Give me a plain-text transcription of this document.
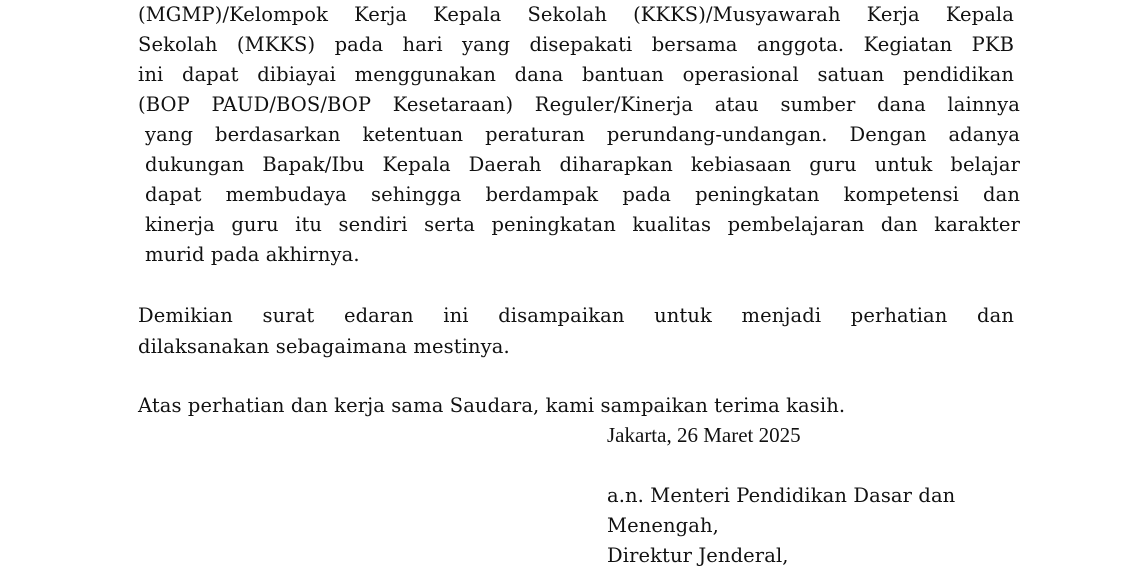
(MGMP)/Kelompok Kerja Kepala Sekolah (KKKS)/Musyawarah Kerja Kepala
Sekolah (MKKS) pada hari yang disepakati bersama anggota. Kegiatan PKB
ini dapat dibiayai menggunakan dana bantuan operasional satuan pendidikan
(BOP PAUD/BOS/BOP Kesetaraan) Reguler/Kinerja atau sumber dana lainnya
yang berdasarkan ketentuan peraturan perundang-undangan. Dengan adanya
dukungan Bapak/Ibu Kepala Daerah diharapkan kebiasaan guru untuk belajar
dapat membudaya sehingga berdampak pada peningkatan kompetensi dan
kinerja guru itu sendiri serta peningkatan kualitas pembelajaran dan karakter
murid pada akhirnya.
Demikian surat edaran ini disampaikan untuk menjadi perhatian dan
dilaksanakan sebagaimana mestinya.
Atas perhatian dan kerja sama Saudara, kami sampaikan terima kasih.
Jakarta, 26 Maret 2025
a.n. Menteri Pendidikan Dasar dan
Menengah,
Direktur Jenderal,
